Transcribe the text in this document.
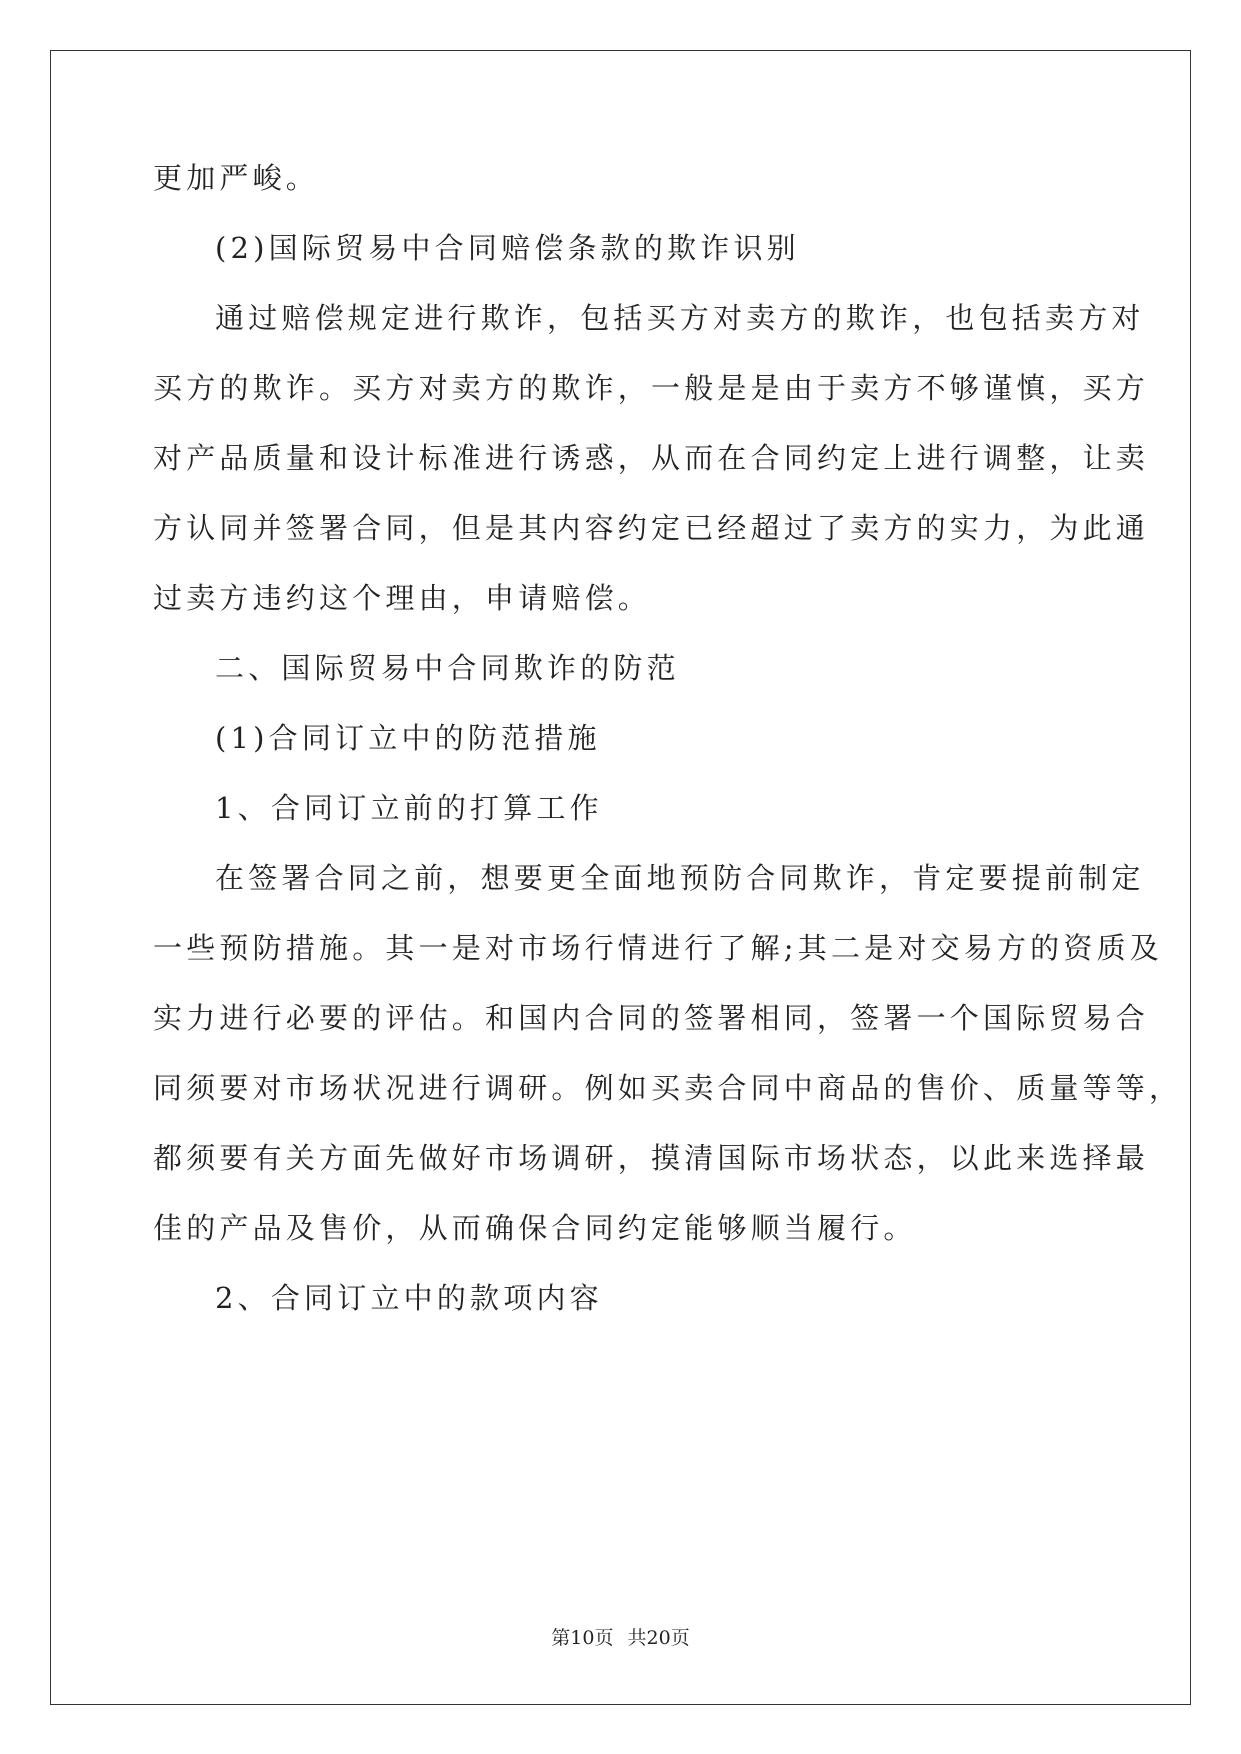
更加严峻。
(2)国际贸易中合同赔偿条款的欺诈识别
通过赔偿规定进行欺诈，包括买方对卖方的欺诈，也包括卖方对
买方的欺诈。买方对卖方的欺诈，一般是是由于卖方不够谨慎，买方
对产品质量和设计标准进行诱惑，从而在合同约定上进行调整，让卖
方认同并签署合同，但是其内容约定已经超过了卖方的实力，为此通
过卖方违约这个理由，申请赔偿。
二、国际贸易中合同欺诈的防范
(1)合同订立中的防范措施
1、合同订立前的打算工作
在签署合同之前，想要更全面地预防合同欺诈，肯定要提前制定
一些预防措施。其一是对市场行情进行了解;其二是对交易方的资质及
实力进行必要的评估。和国内合同的签署相同，签署一个国际贸易合
同须要对市场状况进行调研。例如买卖合同中商品的售价、质量等等，
都须要有关方面先做好市场调研，摸清国际市场状态，以此来选择最
佳的产品及售价，从而确保合同约定能够顺当履行。
2、合同订立中的款项内容
第10页 共20页
